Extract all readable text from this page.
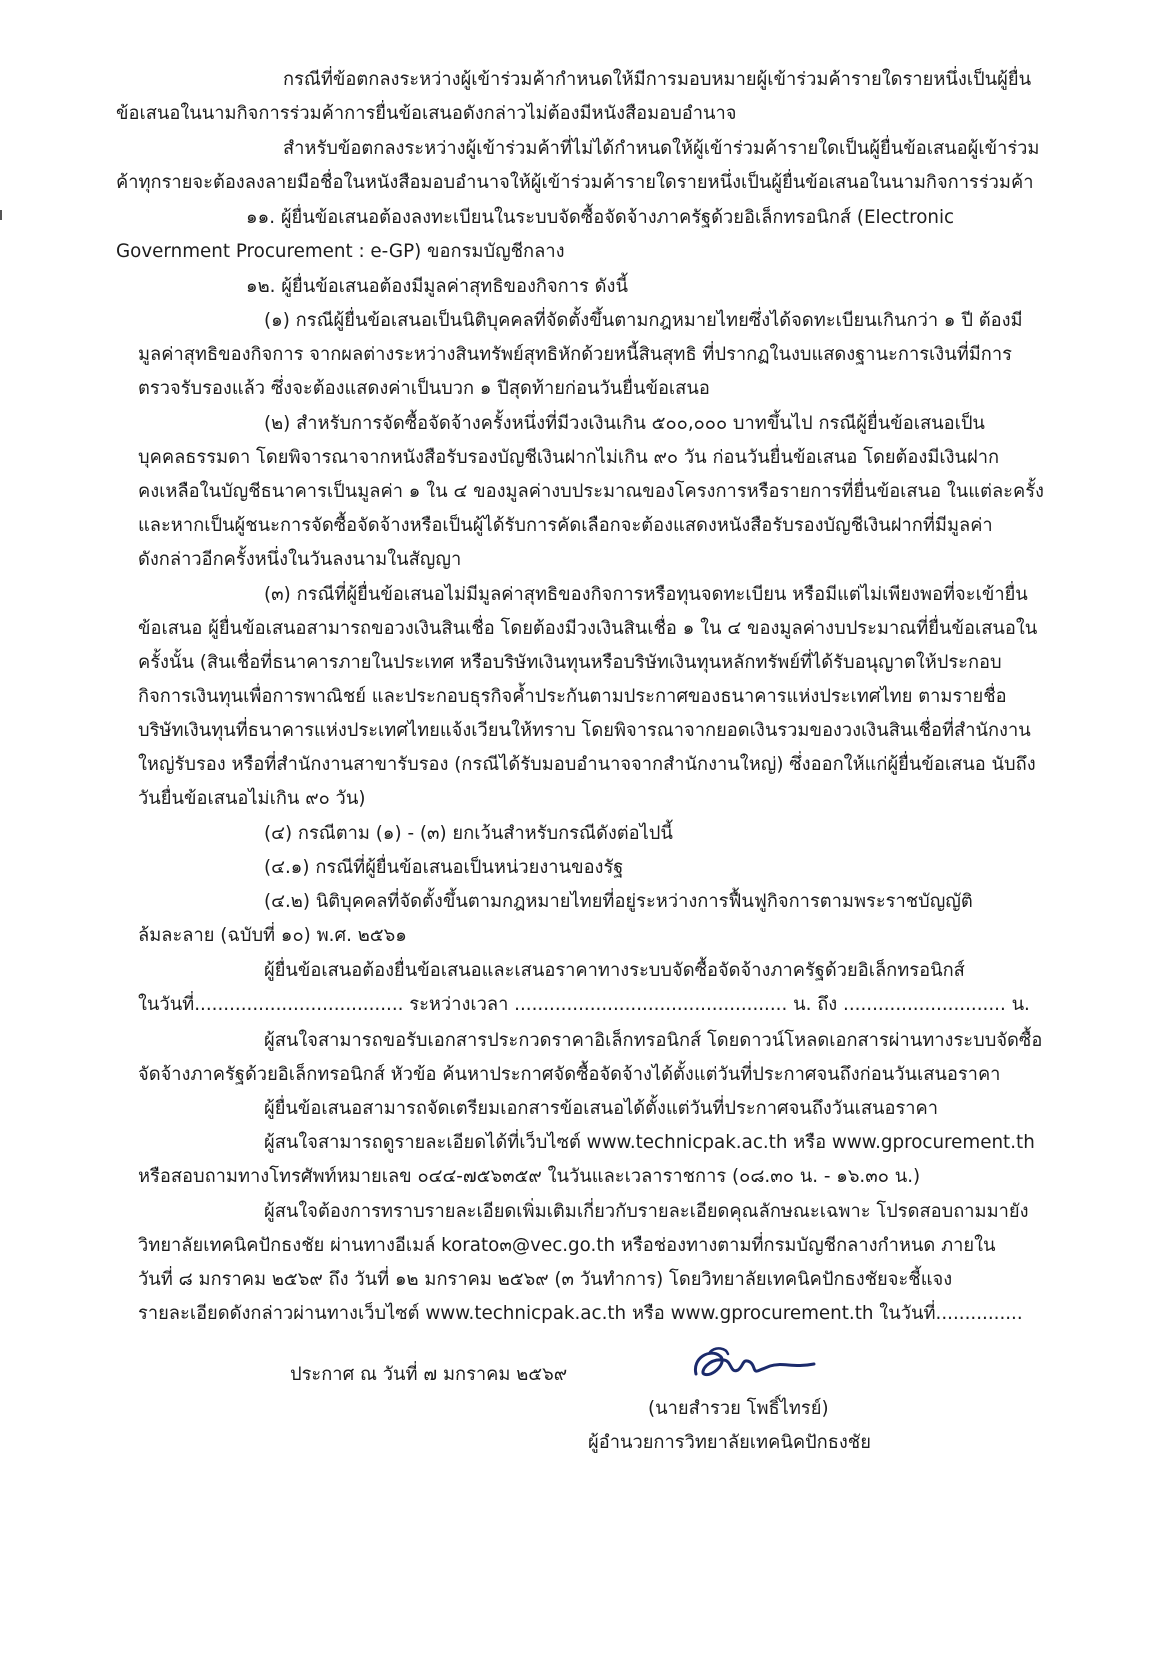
กรณีที่ข้อตกลงระหว่างผู้เข้าร่วมค้ากำหนดให้มีการมอบหมายผู้เข้าร่วมค้ารายใดรายหนึ่งเป็นผู้ยื่น

ข้อเสนอในนามกิจการร่วมค้าการยื่นข้อเสนอดังกล่าวไม่ต้องมีหนังสือมอบอำนาจ

สำหรับข้อตกลงระหว่างผู้เข้าร่วมค้าที่ไม่ได้กำหนดให้ผู้เข้าร่วมค้ารายใดเป็นผู้ยื่นข้อเสนอผู้เข้าร่วม

ค้าทุกรายจะต้องลงลายมือชื่อในหนังสือมอบอำนาจให้ผู้เข้าร่วมค้ารายใดรายหนึ่งเป็นผู้ยื่นข้อเสนอในนามกิจการร่วมค้า

๑๑. ผู้ยื่นข้อเสนอต้องลงทะเบียนในระบบจัดซื้อจัดจ้างภาครัฐด้วยอิเล็กทรอนิกส์ (Electronic

Government Procurement : e-GP) ขอกรมบัญชีกลาง

๑๒. ผู้ยื่นข้อเสนอต้องมีมูลค่าสุทธิของกิจการ ดังนี้

(๑) กรณีผู้ยื่นข้อเสนอเป็นนิติบุคคลที่จัดตั้งขึ้นตามกฎหมายไทยซึ่งได้จดทะเบียนเกินกว่า ๑ ปี ต้องมี

มูลค่าสุทธิของกิจการ จากผลต่างระหว่างสินทรัพย์สุทธิหักด้วยหนี้สินสุทธิ ที่ปรากฏในงบแสดงฐานะการเงินที่มีการ

ตรวจรับรองแล้ว ซึ่งจะต้องแสดงค่าเป็นบวก ๑ ปีสุดท้ายก่อนวันยื่นข้อเสนอ

(๒) สำหรับการจัดซื้อจัดจ้างครั้งหนึ่งที่มีวงเงินเกิน ๕๐๐,๐๐๐ บาทขึ้นไป กรณีผู้ยื่นข้อเสนอเป็น

บุคคลธรรมดา โดยพิจารณาจากหนังสือรับรองบัญชีเงินฝากไม่เกิน ๙๐ วัน ก่อนวันยื่นข้อเสนอ โดยต้องมีเงินฝาก

คงเหลือในบัญชีธนาคารเป็นมูลค่า ๑ ใน ๔ ของมูลค่างบประมาณของโครงการหรือรายการที่ยื่นข้อเสนอ ในแต่ละครั้ง

และหากเป็นผู้ชนะการจัดซื้อจัดจ้างหรือเป็นผู้ได้รับการคัดเลือกจะต้องแสดงหนังสือรับรองบัญชีเงินฝากที่มีมูลค่า

ดังกล่าวอีกครั้งหนึ่งในวันลงนามในสัญญา

(๓) กรณีที่ผู้ยื่นข้อเสนอไม่มีมูลค่าสุทธิของกิจการหรือทุนจดทะเบียน หรือมีแต่ไม่เพียงพอที่จะเข้ายื่น

ข้อเสนอ ผู้ยื่นข้อเสนอสามารถขอวงเงินสินเชื่อ โดยต้องมีวงเงินสินเชื่อ ๑ ใน ๔ ของมูลค่างบประมาณที่ยื่นข้อเสนอใน

ครั้งนั้น (สินเชื่อที่ธนาคารภายในประเทศ หรือบริษัทเงินทุนหรือบริษัทเงินทุนหลักทรัพย์ที่ได้รับอนุญาตให้ประกอบ

กิจการเงินทุนเพื่อการพาณิชย์ และประกอบธุรกิจค้ำประกันตามประกาศของธนาคารแห่งประเทศไทย ตามรายชื่อ

บริษัทเงินทุนที่ธนาคารแห่งประเทศไทยแจ้งเวียนให้ทราบ โดยพิจารณาจากยอดเงินรวมของวงเงินสินเชื่อที่สำนักงาน

ใหญ่รับรอง หรือที่สำนักงานสาขารับรอง (กรณีได้รับมอบอำนาจจากสำนักงานใหญ่) ซึ่งออกให้แก่ผู้ยื่นข้อเสนอ นับถึง

วันยื่นข้อเสนอไม่เกิน ๙๐ วัน)

(๔) กรณีตาม (๑) - (๓) ยกเว้นสำหรับกรณีดังต่อไปนี้

(๔.๑) กรณีที่ผู้ยื่นข้อเสนอเป็นหน่วยงานของรัฐ

(๔.๒) นิติบุคคลที่จัดตั้งขึ้นตามกฎหมายไทยที่อยู่ระหว่างการฟื้นฟูกิจการตามพระราชบัญญัติ

ล้มละลาย (ฉบับที่ ๑๐) พ.ศ. ๒๕๖๑

ผู้ยื่นข้อเสนอต้องยื่นข้อเสนอและเสนอราคาทางระบบจัดซื้อจัดจ้างภาครัฐด้วยอิเล็กทรอนิกส์

ในวันที่.................................... ระหว่างเวลา ............................................... น. ถึง ............................ น.

ผู้สนใจสามารถขอรับเอกสารประกวดราคาอิเล็กทรอนิกส์ โดยดาวน์โหลดเอกสารผ่านทางระบบจัดซื้อ

จัดจ้างภาครัฐด้วยอิเล็กทรอนิกส์ หัวข้อ ค้นหาประกาศจัดซื้อจัดจ้างได้ตั้งแต่วันที่ประกาศจนถึงก่อนวันเสนอราคา

ผู้ยื่นข้อเสนอสามารถจัดเตรียมเอกสารข้อเสนอได้ตั้งแต่วันที่ประกาศจนถึงวันเสนอราคา

ผู้สนใจสามารถดูรายละเอียดได้ที่เว็บไซต์ www.technicpak.ac.th หรือ www.gprocurement.th

หรือสอบถามทางโทรศัพท์หมายเลข ๐๔๔-๗๕๖๓๕๙ ในวันและเวลาราชการ (๐๘.๓๐ น. - ๑๖.๓๐ น.)

ผู้สนใจต้องการทราบรายละเอียดเพิ่มเติมเกี่ยวกับรายละเอียดคุณลักษณะเฉพาะ โปรดสอบถามมายัง

วิทยาลัยเทคนิคปักธงชัย ผ่านทางอีเมล์ korato๓@vec.go.th หรือช่องทางตามที่กรมบัญชีกลางกำหนด ภายใน

วันที่ ๘ มกราคม ๒๕๖๙ ถึง วันที่ ๑๒ มกราคม ๒๕๖๙ (๓ วันทำการ) โดยวิทยาลัยเทคนิคปักธงชัยจะชี้แจง

รายละเอียดดังกล่าวผ่านทางเว็บไซต์ www.technicpak.ac.th หรือ www.gprocurement.th ในวันที่...............

ประกาศ ณ วันที่ ๗ มกราคม ๒๕๖๙

(นายสำรวย โพธิ์ไทรย์)

ผู้อำนวยการวิทยาลัยเทคนิคปักธงชัย
